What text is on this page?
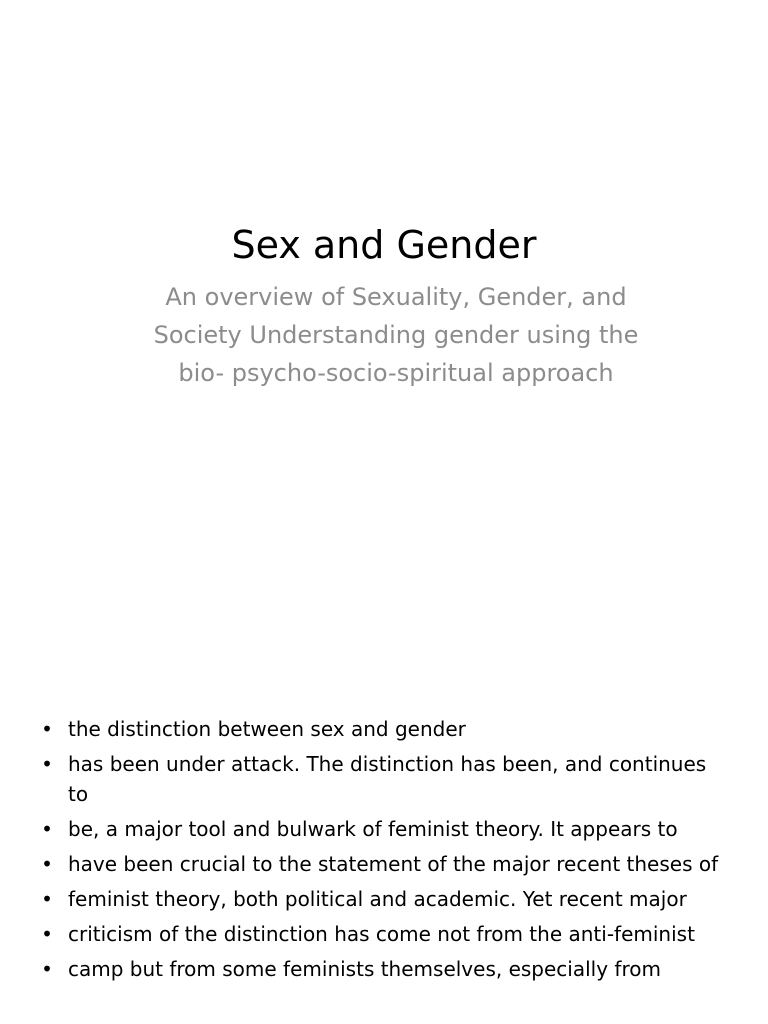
Sex and Gender

An overview of Sexuality, Gender, and Society Understanding gender using the bio- psycho-socio-spiritual approach

• the distinction between sex and gender
• has been under attack. The distinction has been, and continues to
• be, a major tool and bulwark of feminist theory. It appears to
• have been crucial to the statement of the major recent theses of
• feminist theory, both political and academic. Yet recent major
• criticism of the distinction has come not from the anti-feminist
• camp but from some feminists themselves, especially from
